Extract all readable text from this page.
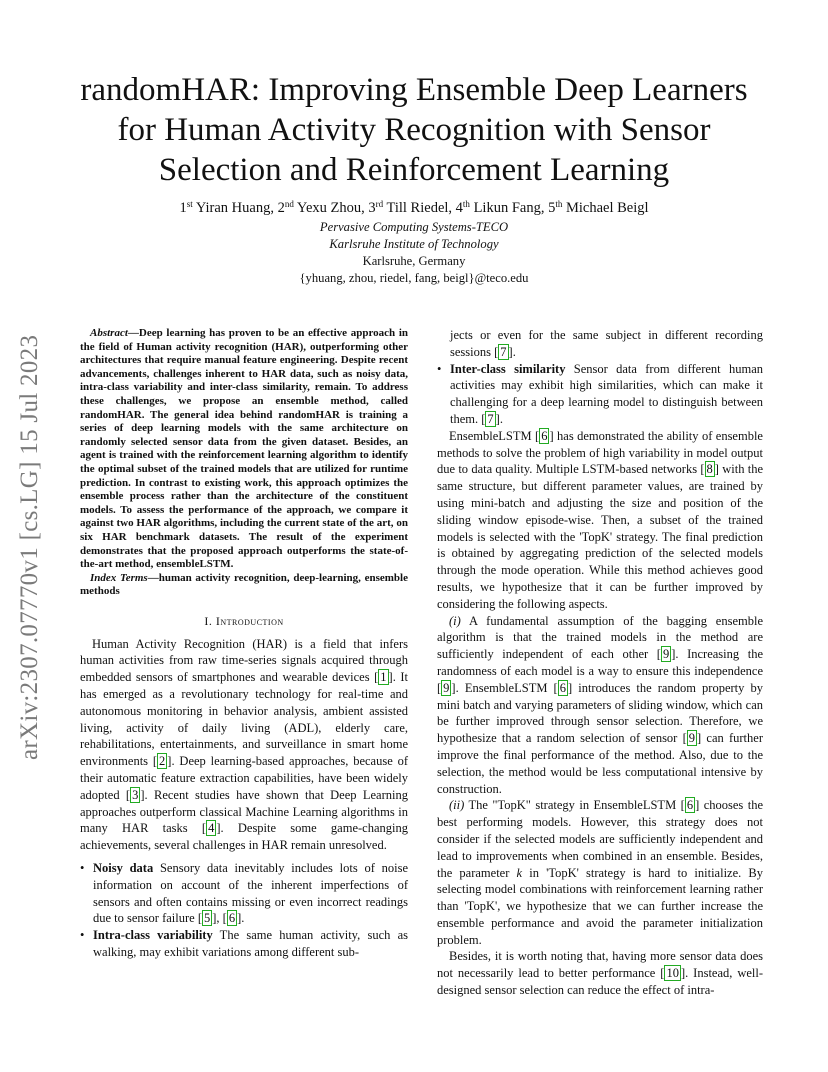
arXiv:2307.07770v1 [cs.LG] 15 Jul 2023
randomHAR: Improving Ensemble Deep Learners
for Human Activity Recognition with Sensor
Selection and Reinforcement Learning
1st Yiran Huang, 2nd Yexu Zhou, 3rd Till Riedel, 4th Likun Fang, 5th Michael Beigl
Pervasive Computing Systems-TECO
Karlsruhe Institute of Technology
Karlsruhe, Germany
{yhuang, zhou, riedel, fang, beigl}@teco.edu

Abstract—Deep learning has proven to be an effective approach in the field of Human activity recognition (HAR), outperforming other architectures that require manual feature engineering. Despite recent advancements, challenges inherent to HAR data, such as noisy data, intra-class variability and inter-class similarity, remain. To address these challenges, we propose an ensemble method, called randomHAR. The general idea behind randomHAR is training a series of deep learning models with the same architecture on randomly selected sensor data from the given dataset. Besides, an agent is trained with the reinforcement learning algorithm to identify the optimal subset of the trained models that are utilized for runtime prediction. In contrast to existing work, this approach optimizes the ensemble process rather than the architecture of the constituent models. To assess the performance of the approach, we compare it against two HAR algorithms, including the current state of the art, on six HAR benchmark datasets. The result of the experiment demonstrates that the proposed approach outperforms the state-of-the-art method, ensembleLSTM.

Index Terms—human activity recognition, deep-learning, ensemble methods

I. Introduction

Human Activity Recognition (HAR) is a field that infers human activities from raw time-series signals acquired through embedded sensors of smartphones and wearable devices [ 1 ]. It has emerged as a revolutionary technology for real-time and autonomous monitoring in behavior analysis, ambient assisted living, activity of daily living (ADL), elderly care, rehabilitations, entertainments, and surveillance in smart home environments [ 2 ]. Deep learning-based approaches, because of their automatic feature extraction capabilities, have been widely adopted [ 3 ]. Recent studies have shown that Deep Learning approaches outperform classical Machine Learning algorithms in many HAR tasks [ 4 ]. Despite some game-changing achievements, several challenges in HAR remain unresolved.

• Noisy data Sensory data inevitably includes lots of noise information on account of the inherent imperfections of sensors and often contains missing or even incorrect readings due to sensor failure [ 5 ], [ 6 ].
• Intra-class variability The same human activity, such as walking, may exhibit variations among different sub-
jects or even for the same subject in different recording sessions [ 7 ].
• Inter-class similarity Sensor data from different human activities may exhibit high similarities, which can make it challenging for a deep learning model to distinguish between them. [ 7 ].

EnsembleLSTM [ 6 ] has demonstrated the ability of ensemble methods to solve the problem of high variability in model output due to data quality. Multiple LSTM-based networks [ 8 ] with the same structure, but different parameter values, are trained by using mini-batch and adjusting the size and position of the sliding window episode-wise. Then, a subset of the trained models is selected with the 'TopK' strategy. The final prediction is obtained by aggregating prediction of the selected models through the mode operation. While this method achieves good results, we hypothesize that it can be further improved by considering the following aspects.

(i) A fundamental assumption of the bagging ensemble algorithm is that the trained models in the method are sufficiently independent of each other [ 9 ]. Increasing the randomness of each model is a way to ensure this independence [ 9 ]. EnsembleLSTM [ 6 ] introduces the random property by mini batch and varying parameters of sliding window, which can be further improved through sensor selection. Therefore, we hypothesize that a random selection of sensor [ 9 ] can further improve the final performance of the method. Also, due to the selection, the method would be less computational intensive by construction.

(ii) The "TopK" strategy in EnsembleLSTM [ 6 ] chooses the best performing models. However, this strategy does not consider if the selected models are sufficiently independent and lead to improvements when combined in an ensemble. Besides, the parameter k in 'TopK' strategy is hard to initialize. By selecting model combinations with reinforcement learning rather than 'TopK', we hypothesize that we can further increase the ensemble performance and avoid the parameter initialization problem.

Besides, it is worth noting that, having more sensor data does not necessarily lead to better performance [ 10 ]. Instead, well-designed sensor selection can reduce the effect of intra-
